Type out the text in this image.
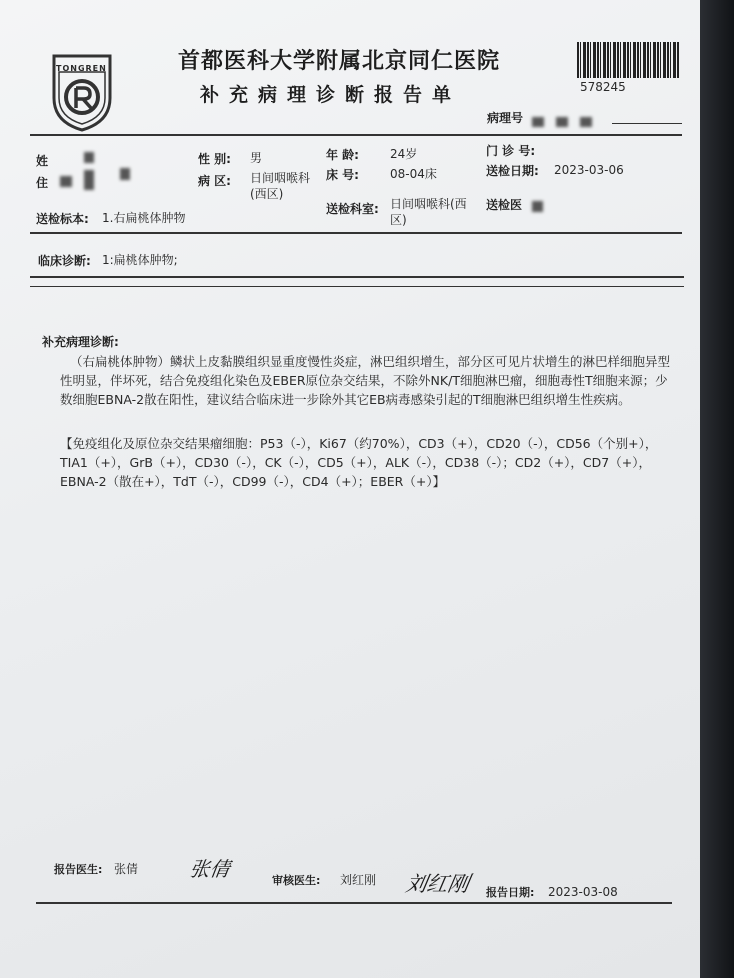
TONGREN	首都医科大学附属北京同仁医院
补充病理诊断报告单	578245
病理号
姓	性 别: 男	年 龄:	24岁	门 诊 号:
住	病 区: 日间咽喉科(西区)
床 号:	08-04床	送检日期: 2023-03-06
送检标本: 1.右扁桃体肿物
送检科室: 日间咽喉科(西区)
送检医
临床诊断: 1:扁桃体肿物;
补充病理诊断:
（右扁桃体肿物）鳞状上皮黏膜组织显重度慢性炎症，淋巴组织增生，部分区可见片状增生的淋巴样细胞异型性明显，伴坏死，结合免疫组化染色及EBER原位杂交结果，不除外NK/T细胞淋巴瘤，细胞毒性T细胞来源；少数细胞EBNA-2散在阳性，建议结合临床进一步除外其它EB病毒感染引起的T细胞淋巴组织增生性疾病。
【免疫组化及原位杂交结果瘤细胞：P53（-），Ki67（约70%），CD3（+），CD20（-），CD56（个别+），TIA1（+），GrB（+），CD30（-），CK（-），CD5（+），ALK（-），CD38（-）；CD2（+），CD7（+），EBNA-2（散在+），TdT（-），CD99（-），CD4（+）；EBER（+）】
报告医生: 张倩	张倩	审核医生: 刘红刚 刘红刚 报告日期: 2023-03-08
